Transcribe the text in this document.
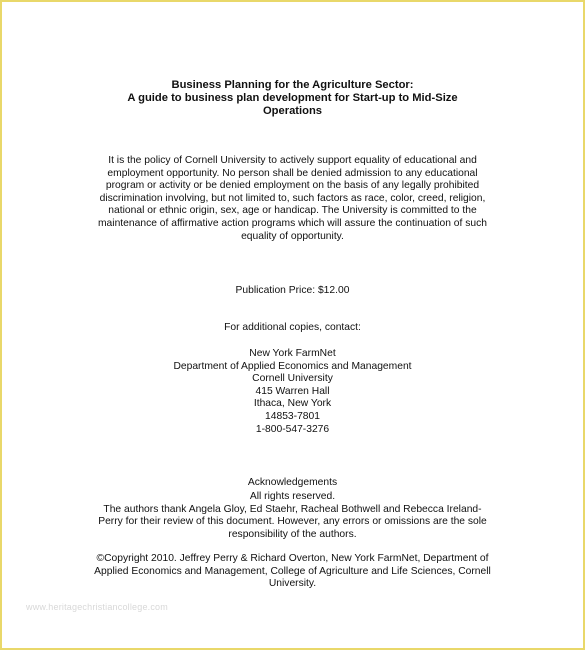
Business Planning for the Agriculture Sector:
A guide to business plan development for Start-up to Mid-Size
Operations
It is the policy of Cornell University to actively support equality of educational and employment opportunity. No person shall be denied admission to any educational program or activity or be denied employment on the basis of any legally prohibited discrimination involving, but not limited to, such factors as race, color, creed, religion, national or ethnic origin, sex, age or handicap. The University is committed to the maintenance of affirmative action programs which will assure the continuation of such equality of opportunity.
Publication Price: $12.00
For additional copies, contact:
New York FarmNet
Department of Applied Economics and Management
Cornell University
415 Warren Hall
Ithaca, New York
14853-7801
1-800-547-3276
Acknowledgements
All rights reserved.
The authors thank Angela Gloy, Ed Staehr, Racheal Bothwell and Rebecca Ireland-Perry for their review of this document. However, any errors or omissions are the sole responsibility of the authors.
©Copyright 2010. Jeffrey Perry & Richard Overton, New York FarmNet, Department of Applied Economics and Management, College of Agriculture and Life Sciences, Cornell University.
www.heritagechristiancollege.com
